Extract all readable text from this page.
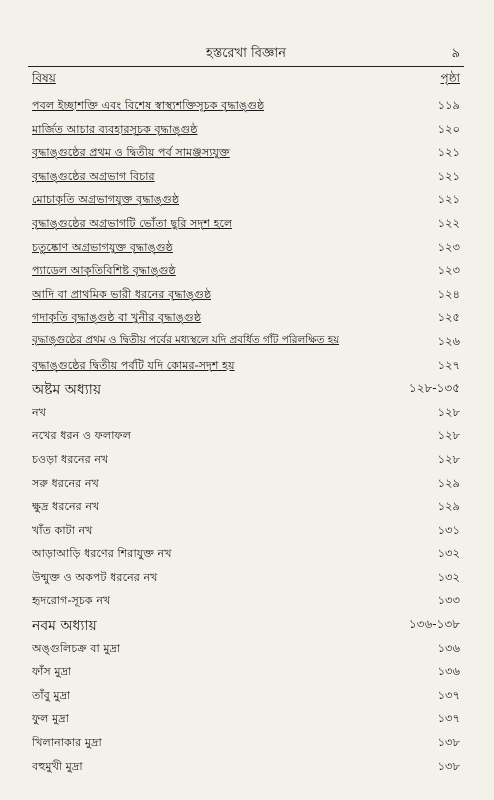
হস্তরেখা বিজ্ঞান	৯
বিষয়	পৃষ্ঠা
পবল ইচ্ছাশক্তি এবং বিশেষ স্বাস্থ্যশক্তিসূচক বৃদ্ধাঙ্গুষ্ঠ	১১৯
মার্জিত আচার ব্যবহারসূচক বৃদ্ধাঙ্গুষ্ঠ	১২০
বৃদ্ধাঙ্গুষ্ঠের প্রথম ও দ্বিতীয় পর্ব সামঞ্জস্যযুক্ত	১২১
বৃদ্ধাঙ্গুষ্ঠের অগ্রভাগ বিচার	১২১
মোচাকৃতি অগ্রভাগযুক্ত বৃদ্ধাঙ্গুষ্ঠ	১২১
বৃদ্ধাঙ্গুষ্ঠের অগ্রভাগটি ভোঁতা ছুরি সদৃশ হলে	১২২
চতুষ্কোণ অগ্রভাগযুক্ত বৃদ্ধাঙ্গুষ্ঠ	১২৩
প্যাডেল আকৃতিবিশিষ্ট বৃদ্ধাঙ্গুষ্ঠ	১২৩
আদি বা প্রাথমিক ভারী ধরনের বৃদ্ধাঙ্গুষ্ঠ	১২৪
গদাকৃতি বৃদ্ধাঙ্গুষ্ঠ বা খুনীর বৃদ্ধাঙ্গুষ্ঠ	১২৫
বৃদ্ধাঙ্গুষ্ঠের প্রথম ও দ্বিতীয় পর্বের মধ্যস্থলে যদি প্রবর্ধিত গাঁট পরিলক্ষিত হয়	১২৬
বৃদ্ধাঙ্গুষ্ঠের দ্বিতীয় পর্বটি যদি কোমর-সদৃশ হয়	১২৭
অষ্টম অধ্যায়	১২৮-১৩৫
নখ	১২৮
নখের ধরন ও ফলাফল	১২৮
চওড়া ধরনের নখ	১২৮
সরু ধরনের নখ	১২৯
ক্ষুদ্র ধরনের নখ	১২৯
খাঁত কাটা নখ	১৩১
আড়াআড়ি ধরণের শিরাযুক্ত নখ	১৩২
উন্মুক্ত ও অকপট ধরনের নখ	১৩২
হৃদরোগ-সূচক নখ	১৩৩
নবম অধ্যায়	১৩৬-১৩৮
অঙ্গুলিচক্র বা মুদ্রা	১৩৬
ফাঁস মুদ্রা	১৩৬
তাঁবু মুদ্রা	১৩৭
ফুল মুদ্রা	১৩৭
খিলানাকার মুদ্রা	১৩৮
বহুমুখী মুদ্রা	১৩৮
